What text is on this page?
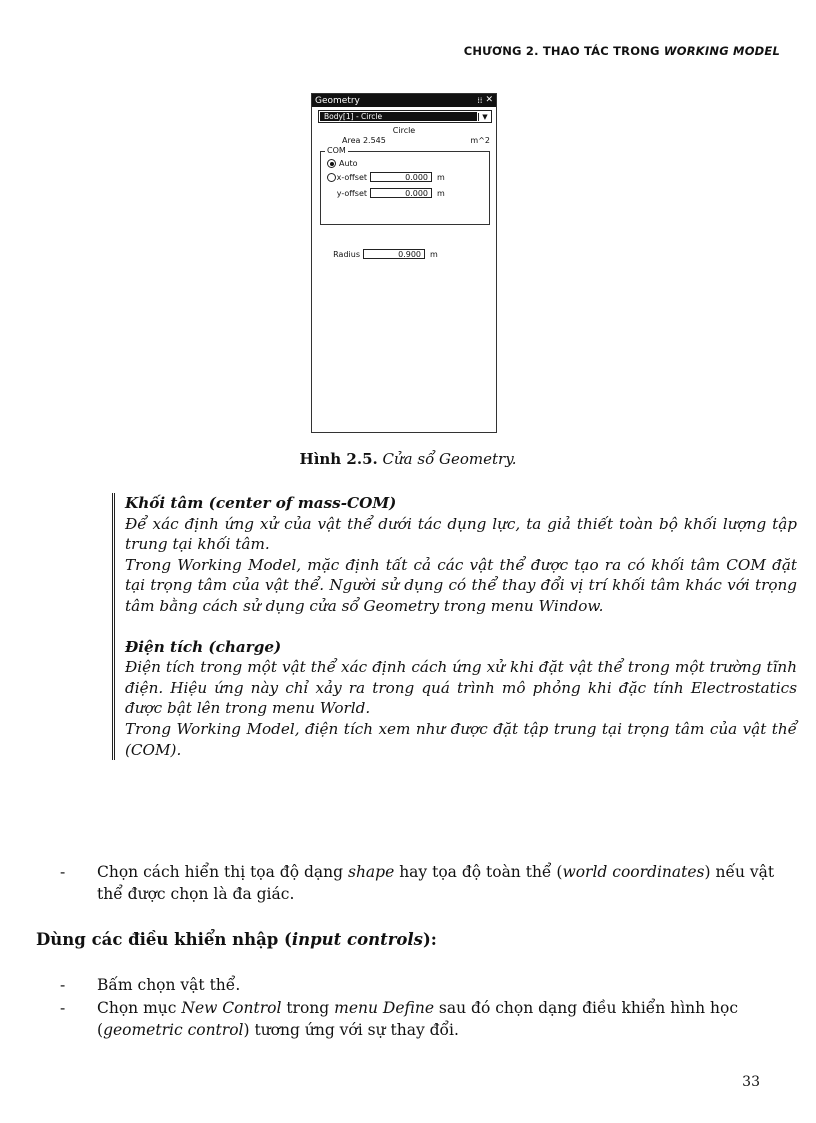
CHƯƠNG 2. THAO TÁC TRONG WORKING MODEL
Geometry	⁞⁞ ✕
Body[1] - Circle	▼
Circle
Area 2.545	m^2
COM
Auto
x-offset	0.000	m
y-offset	0.000	m
Radius	0.900	m
Hình 2.5. Cửa sổ Geometry.

Khối tâm (center of mass-COM)

Để xác định ứng xử của vật thể dưới tác dụng lực, ta giả thiết toàn bộ khối lượng tập trung tại khối tâm.

Trong Working Model, mặc định tất cả các vật thể được tạo ra có khối tâm COM đặt tại trọng tâm của vật thể. Người sử dụng có thể thay đổi vị trí khối tâm khác với trọng tâm bằng cách sử dụng cửa sổ Geometry trong menu Window.

Điện tích (charge)

Điện tích trong một vật thể xác định cách ứng xử khi đặt vật thể trong một trường tĩnh điện. Hiệu ứng này chỉ xảy ra trong quá trình mô phỏng khi đặc tính Electrostatics được bật lên trong menu World.

Trong Working Model, điện tích xem như được đặt tập trung tại trọng tâm của vật thể (COM).

- Chọn cách hiển thị tọa độ dạng shape hay tọa độ toàn thể (world coordinates) nếu vật thể được chọn là đa giác.
Dùng các điều khiển nhập (input controls):
- Bấm chọn vật thể.
- Chọn mục New Control trong menu Define sau đó chọn dạng điều khiển hình học (geometric control) tương ứng với sự thay đổi.
33
